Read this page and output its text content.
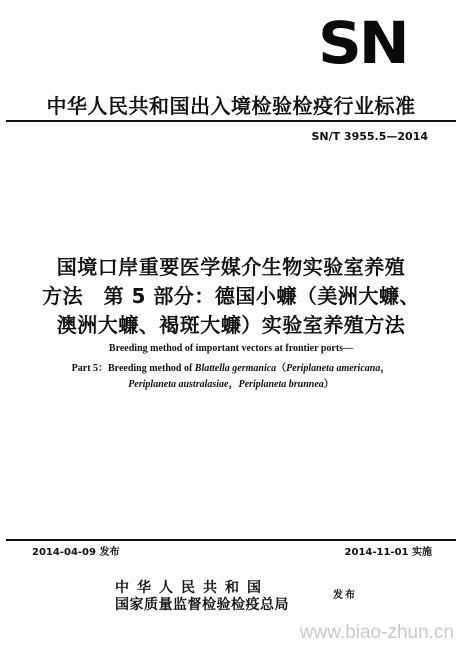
SN
中华人民共和国出入境检验检疫行业标准
SN/T 3955.5—2014
国境口岸重要医学媒介生物实验室养殖
方法　第 5 部分：德国小蠊（美洲大蠊、
澳洲大蠊、褐斑大蠊）实验室养殖方法
Breeding method of important vectors at frontier ports—
Part 5：Breeding method of Blattella germanica（Periplaneta americana，
Periplaneta australasiae，Periplaneta brunnea）
2014-04-09 发布	2014-11-01 实施
中华人民共和国
国家质量监督检验检疫总局
发布
www.biao-zhun.cn
